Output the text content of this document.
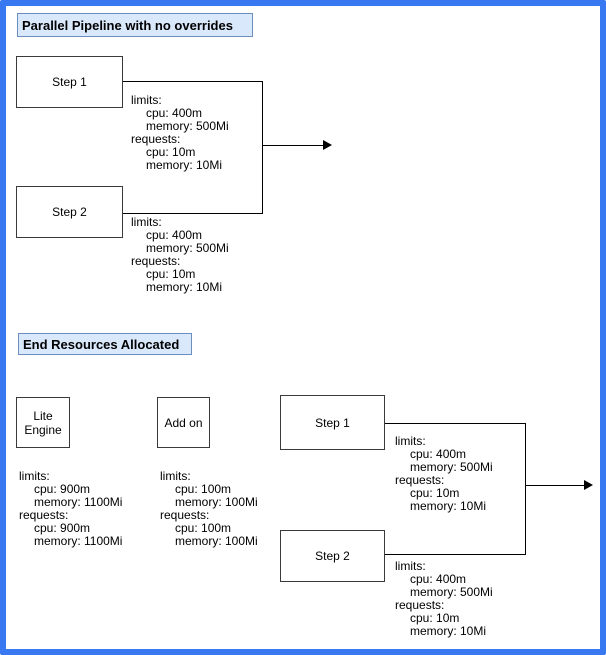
Parallel Pipeline with no overrides
Step 1
Step 2
limits:
cpu: 400m
memory: 500Mi
requests:
cpu: 10m
memory: 10Mi
limits:
cpu: 400m
memory: 500Mi
requests:
cpu: 10m
memory: 10Mi
End Resources Allocated
Lite
Engine	Add on	Step 1
Step 2
limits:
cpu: 900m
memory: 1100Mi
requests:
cpu: 900m
memory: 1100Mi
limits:
cpu: 100m
memory: 100Mi
requests:
cpu: 100m
memory: 100Mi
limits:
cpu: 400m
memory: 500Mi
requests:
cpu: 10m
memory: 10Mi
limits:
cpu: 400m
memory: 500Mi
requests:
cpu: 10m
memory: 10Mi
